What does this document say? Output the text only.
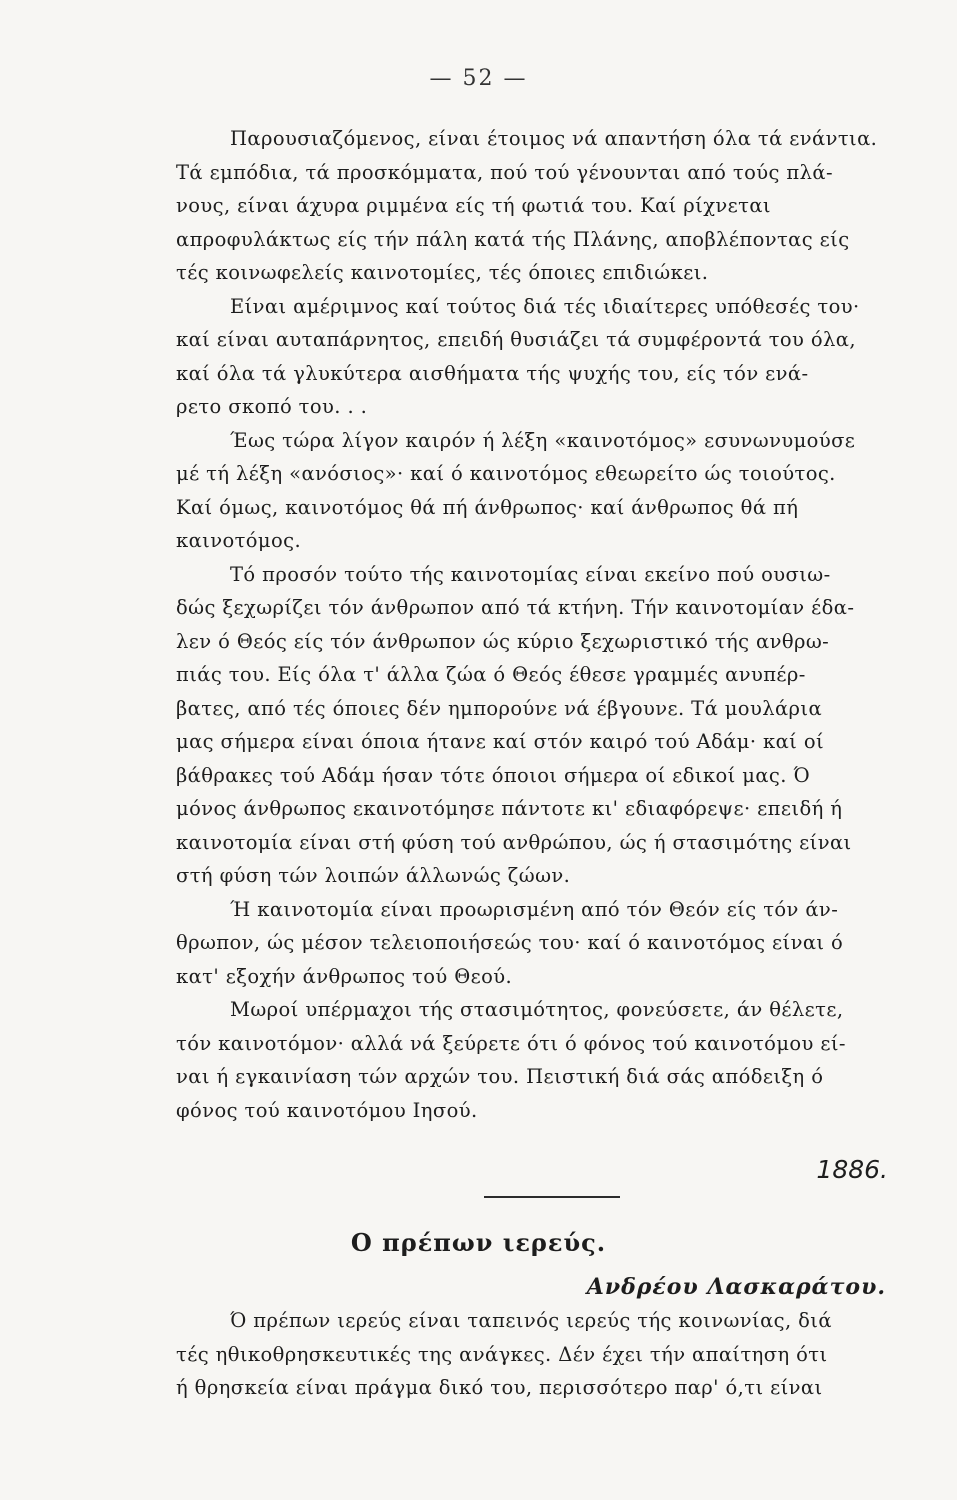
— 52 —
Παρουσιαζόμενος, είναι έτοιμος νά απαντήση όλα τά ενάντια.
Τά εμπόδια, τά προσκόμματα, πού τού γένουνται από τούς πλά-
νους, είναι άχυρα ριμμένα είς τή φωτιά του. Καί ρίχνεται
απροφυλάκτως είς τήν πάλη κατά τής Πλάνης, αποβλέποντας είς
τές κοινωφελείς καινοτομίες, τές όποιες επιδιώκει.
Είναι αμέριμνος καί τούτος διά τές ιδιαίτερες υπόθεσές του·
καί είναι αυταπάρνητος, επειδή θυσιάζει τά συμφέροντά του όλα,
καί όλα τά γλυκύτερα αισθήματα τής ψυχής του, είς τόν ενά-
ρετο σκοπό του. . .
Έως τώρα λίγον καιρόν ή λέξη «καινοτόμος» εσυνωνυμούσε
μέ τή λέξη «ανόσιος»· καί ό καινοτόμος εθεωρείτο ώς τοιούτος.
Καί όμως, καινοτόμος θά πή άνθρωπος· καί άνθρωπος θά πή
καινοτόμος.
Τό προσόν τούτο τής καινοτομίας είναι εκείνο πού ουσιω-
δώς ξεχωρίζει τόν άνθρωπον από τά κτήνη. Τήν καινοτομίαν έδα-
λεν ό Θεός είς τόν άνθρωπον ώς κύριο ξεχωριστικό τής ανθρω-
πιάς του. Είς όλα τ' άλλα ζώα ό Θεός έθεσε γραμμές ανυπέρ-
βατες, από τές όποιες δέν ημπορούνε νά έβγουνε. Τά μουλάρια
μας σήμερα είναι όποια ήτανε καί στόν καιρό τού Αδάμ· καί οί
βάθρακες τού Αδάμ ήσαν τότε όποιοι σήμερα οί εδικοί μας. Ό
μόνος άνθρωπος εκαινοτόμησε πάντοτε κι' εδιαφόρεψε· επειδή ή
καινοτομία είναι στή φύση τού ανθρώπου, ώς ή στασιμότης είναι
στή φύση τών λοιπών άλλωνώς ζώων.
Ή καινοτομία είναι προωρισμένη από τόν Θεόν είς τόν άν-
θρωπον, ώς μέσον τελειοποιήσεώς του· καί ό καινοτόμος είναι ό
κατ' εξοχήν άνθρωπος τού Θεού.
Μωροί υπέρμαχοι τής στασιμότητος, φονεύσετε, άν θέλετε,
τόν καινοτόμον· αλλά νά ξεύρετε ότι ό φόνος τού καινοτόμου εί-
ναι ή εγκαινίαση τών αρχών του. Πειστική διά σάς απόδειξη ό
φόνος τού καινοτόμου Ιησού.
1886.
Ο πρέπων ιερεύς.
Ανδρέου Λασκαράτου.
Ό πρέπων ιερεύς είναι ταπεινός ιερεύς τής κοινωνίας, διά
τές ηθικοθρησκευτικές της ανάγκες. Δέν έχει τήν απαίτηση ότι
ή θρησκεία είναι πράγμα δικό του, περισσότερο παρ' ό,τι είναι
